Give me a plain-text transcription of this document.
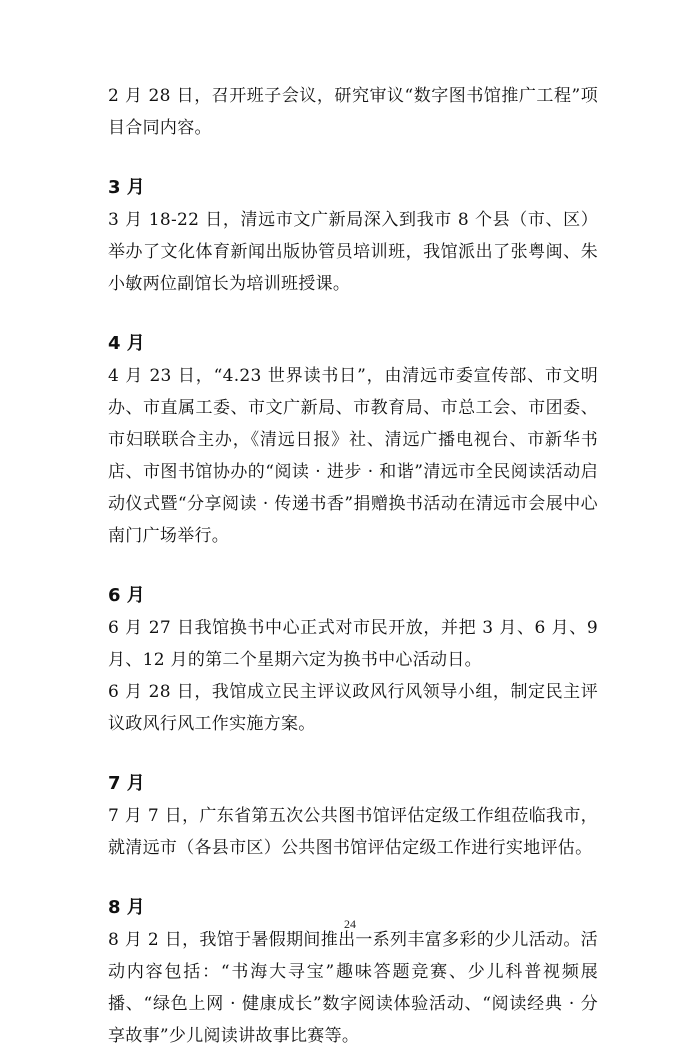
2 月 28 日，召开班子会议，研究审议“数字图书馆推广工程”项目合同内容。

3 月

3 月 18-22 日，清远市文广新局深入到我市 8 个县（市、区）举办了文化体育新闻出版协管员培训班，我馆派出了张粤闽、朱小敏两位副馆长为培训班授课。

4 月

4 月 23 日，“4.23 世界读书日”，由清远市委宣传部、市文明办、市直属工委、市文广新局、市教育局、市总工会、市团委、市妇联联合主办，《清远日报》社、清远广播电视台、市新华书店、市图书馆协办的“阅读 · 进步 · 和谐”清远市全民阅读活动启动仪式暨“分享阅读 · 传递书香”捐赠换书活动在清远市会展中心南门广场举行。

6 月

6 月 27 日我馆换书中心正式对市民开放，并把 3 月、6 月、9 月、12 月的第二个星期六定为换书中心活动日。

6 月 28 日，我馆成立民主评议政风行风领导小组，制定民主评议政风行风工作实施方案。

7 月

7 月 7 日，广东省第五次公共图书馆评估定级工作组莅临我市，就清远市（各县市区）公共图书馆评估定级工作进行实地评估。

8 月

8 月 2 日，我馆于暑假期间推出一系列丰富多彩的少儿活动。活动内容包括：“书海大寻宝”趣味答题竞赛、少儿科普视频展播、“绿色上网 · 健康成长”数字阅读体验活动、“阅读经典 · 分享故事”少儿阅读讲故事比赛等。

24
